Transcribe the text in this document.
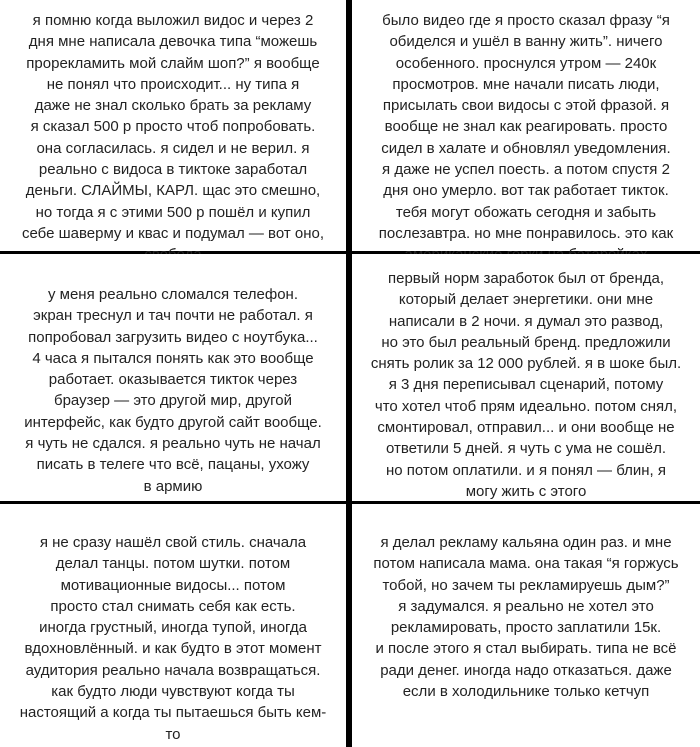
я помню когда выложил видос и через 2
дня мне написала девочка типа “можешь
прорекламить мой слайм шоп?” я вообще
не понял что происходит... ну типа я
даже не знал сколько брать за рекламу
я сказал 500 р просто чтоб попробовать.
она согласилась. я сидел и не верил. я
реально с видоса в тиктоке заработал
деньги. СЛАЙМЫ, КАРЛ. щас это смешно,
но тогда я с этими 500 р пошёл и купил
себе шаверму и квас и подумал — вот оно,

было видео где я просто сказал фразу “я
обиделся и ушёл в ванну жить”. ничего
особенного. проснулся утром — 240к
просмотров. мне начали писать люди,
присылать свои видосы с этой фразой. я
вообще не знал как реагировать. просто
сидел в халате и обновлял уведомления.
я даже не успел поесть. а потом спустя 2
дня оно умерло. вот так работает тикток.
тебя могут обожать сегодня и забыть
послезавтра. но мне понравилось. это как

у меня реально сломался телефон.
экран треснул и тач почти не работал. я
попробовал загрузить видео с ноутбука...
4 часа я пытался понять как это вообще
работает. оказывается тикток через
браузер — это другой мир, другой
интерфейс, как будто другой сайт вообще.
я чуть не сдался. я реально чуть не начал
писать в телеге что всё, пацаны, ухожу
в армию

первый норм заработок был от бренда,
который делает энергетики. они мне
написали в 2 ночи. я думал это развод,
но это был реальный бренд. предложили
снять ролик за 12 000 рублей. я в шоке был.
я 3 дня переписывал сценарий, потому
что хотел чтоб прям идеально. потом снял,
смонтировал, отправил... и они вообще не
ответили 5 дней. я чуть с ума не сошёл.
но потом оплатили. и я понял — блин, я
могу жить с этого

я не сразу нашёл свой стиль. сначала
делал танцы. потом шутки. потом
мотивационные видосы... потом
просто стал снимать себя как есть.
иногда грустный, иногда тупой, иногда
вдохновлённый. и как будто в этот момент
аудитория реально начала возвращаться.
как будто люди чувствуют когда ты
настоящий а когда ты пытаешься быть кем-
то

я делал рекламу кальяна один раз. и мне
потом написала мама. она такая “я горжусь
тобой, но зачем ты рекламируешь дым?”
я задумался. я реально не хотел это
рекламировать, просто заплатили 15к.
и после этого я стал выбирать. типа не всё
ради денег. иногда надо отказаться. даже
если в холодильнике только кетчуп
